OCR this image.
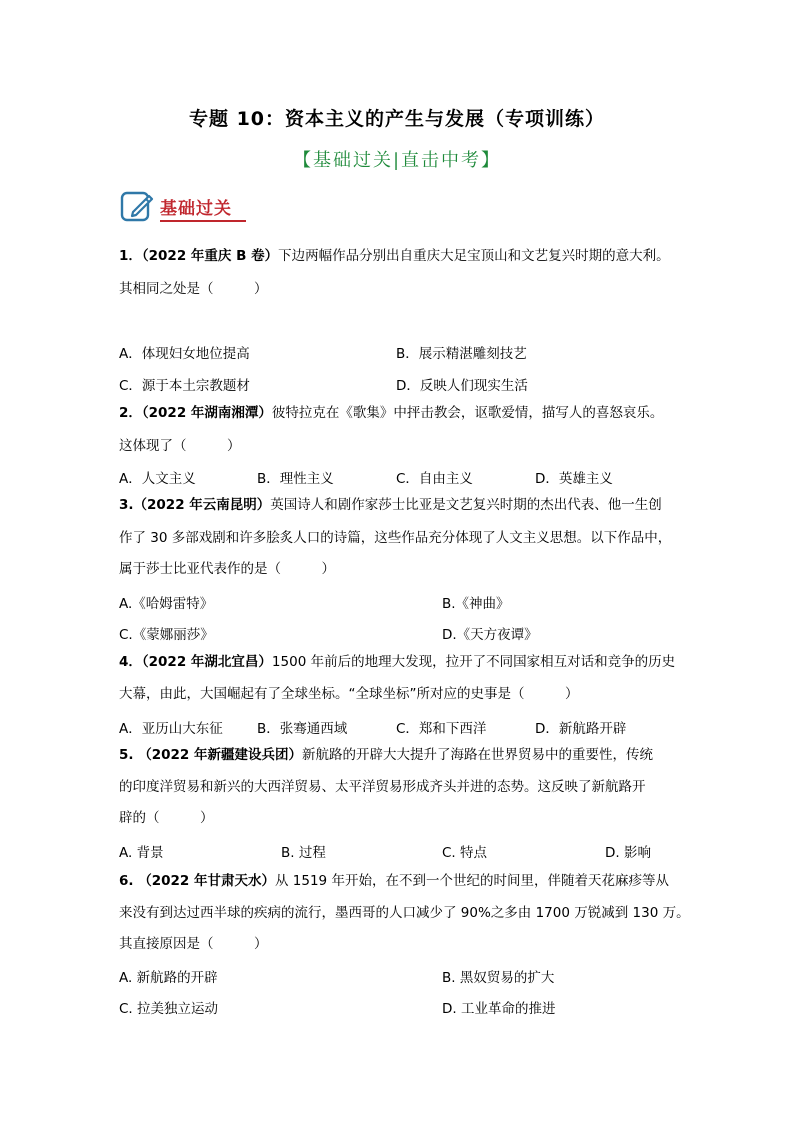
专题 10：资本主义的产生与发展（专项训练）
【基础过关|直击中考】
基础过关
1．（2022 年重庆 B 卷）下边两幅作品分别出自重庆大足宝顶山和文艺复兴时期的意大利。
其相同之处是（　　　）
A．体现妇女地位提高	B．展示精湛雕刻技艺
C．源于本土宗教题材	D．反映人们现实生活
2．（2022 年湖南湘潭）彼特拉克在《歌集》中抨击教会，讴歌爱情，描写人的喜怒哀乐。
这体现了（　　　）
A．人文主义	B．理性主义	C．自由主义	D．英雄主义
3.（2022 年云南昆明）英国诗人和剧作家莎士比亚是文艺复兴时期的杰出代表、他一生创
作了 30 多部戏剧和许多脍炙人口的诗篇，这些作品充分体现了人文主义思想。以下作品中，
属于莎士比亚代表作的是（　　　）
A.《哈姆雷特》	B.《神曲》
C.《蒙娜丽莎》	D.《天方夜谭》
4．（2022 年湖北宜昌）1500 年前后的地理大发现，拉开了不同国家相互对话和竞争的历史
大幕，由此，大国崛起有了全球坐标。“全球坐标”所对应的史事是（　　　）
A．亚历山大东征	B．张骞通西域	C．郑和下西洋	D．新航路开辟
5. （2022 年新疆建设兵团）新航路的开辟大大提升了海路在世界贸易中的重要性，传统
的印度洋贸易和新兴的大西洋贸易、太平洋贸易形成齐头并进的态势。这反映了新航路开
辟的（　　　）
A. 背景	B. 过程	C. 特点	D. 影响
6. （2022 年甘肃天水）从 1519 年开始，在不到一个世纪的时间里，伴随着天花麻疹等从
来没有到达过西半球的疾病的流行，墨西哥的人口减少了 90%之多由 1700 万锐减到 130 万。
其直接原因是（　　　）
A. 新航路的开辟	B. 黑奴贸易的扩大
C. 拉美独立运动	D. 工业革命的推进
